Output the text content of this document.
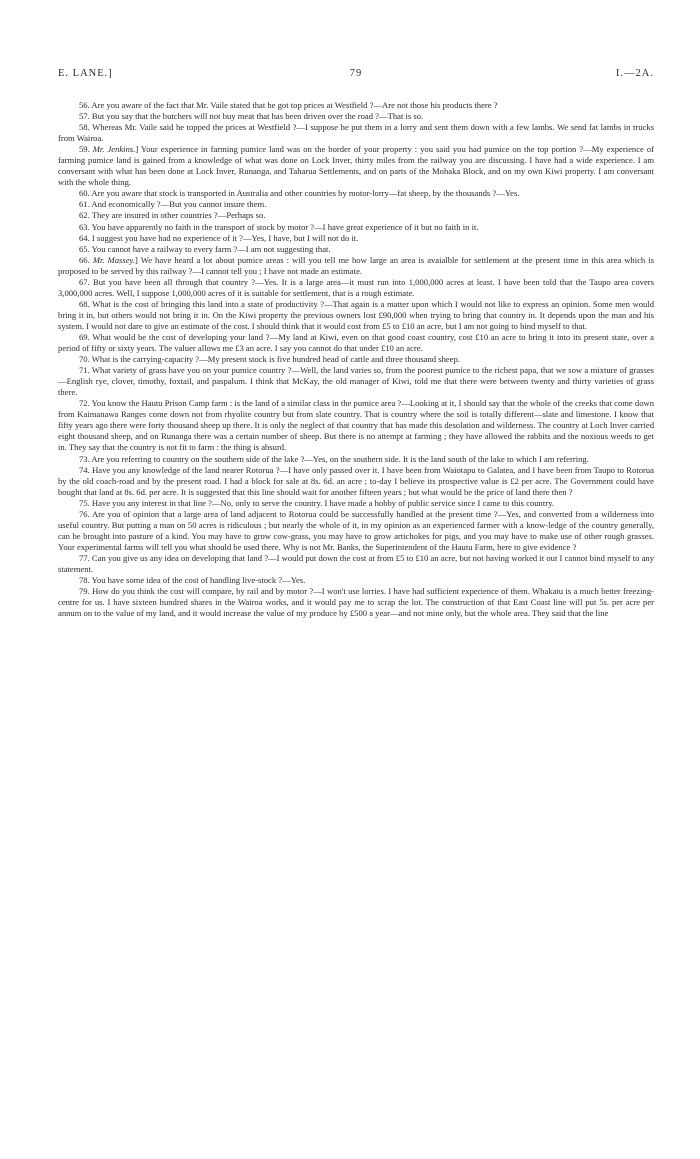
E. LANE.]	79	I.—2A.

56. Are you aware of the fact that Mr. Vaile stated that he got top prices at Westfield ?—Are not those his products there ?

57. But you say that the butchers will not buy meat that has been driven over the road ?—That is so.

58. Whereas Mr. Vaile said he topped the prices at Westfield ?—I suppose he put them in a lorry and sent them down with a few lambs. We send fat lambs in trucks from Wairoa.

59. Mr. Jenkins.] Your experience in farming pumice land was on the border of your property : you said you had pumice on the top portion ?—My experience of farming pumice land is gained from a knowledge of what was done on Lock Inver, thirty miles from the railway you are discussing. I have had a wide experience. I am conversant with what has been done at Lock Inver, Runanga, and Taharua Settlements, and on parts of the Mohaka Block, and on my own Kiwi property. I am conversant with the whole thing.

60. Are you aware that stock is transported in Australia and other countries by motor-lorry—fat sheep, by the thousands ?—Yes.

61. And economically ?—But you cannot insure them.

62. They are insured in other countries ?—Perhaps so.

63. You have apparently no faith in the transport of stock by motor ?—I have great experience of it but no faith in it.

64. I suggest you have had no experience of it ?—Yes, I have, but I will not do it.

65. You cannot have a railway to every farm ?—I am not suggesting that.

66. Mr. Massey.] We have heard a lot about pumice areas : will you tell me how large an area is avaialble for settlement at the present time in this area which is proposed to be served by this railway ?—I cannot tell you ; I have not made an estimate.

67. But you have been all through that country ?—Yes. It is a large area—it must run into 1,000,000 acres at least. I have been told that the Taupo area covers 3,000,000 acres. Well, I suppose 1,000,000 acres of it is suitable for settlement, that is a rough estimate.

68. What is the cost of bringing this land into a state of productivity ?—That again is a matter upon which I would not like to express an opinion. Some men would bring it in, but others would not bring it in. On the Kiwi property the previous owners lost £90,000 when trying to bring that country in. It depends upon the man and his system. I would not dare to give an estimate of the cost. I should think that it would cost from £5 to £10 an acre, but I am not going to bind myself to that.

69. What would be the cost of developing your land ?—My land at Kiwi, even on that good coast country, cost £10 an acre to bring it into its present state, over a period of fifty or sixty years. The valuer allows me £3 an acre. I say you cannot do that under £10 an acre.

70. What is the carrying-capacity ?—My present stock is five hundred head of cattle and three thousand sheep.

71. What variety of grass have you on your pumice country ?—Well, the land varies so, from the poorest pumice to the richest papa, that we sow a mixture of grasses—English rye, clover, timothy, foxtail, and paspalum. I think that McKay, the old manager of Kiwi, told me that there were between twenty and thirty varieties of grass there.

72. You know the Hautu Prison Camp farm : is the land of a similar class in the pumice area ?—Looking at it, I should say that the whole of the creeks that come down from Kaimanawa Ranges come down not from rhyolite country but from slate country. That is country where the soil is totally different—slate and limestone. I know that fifty years ago there were forty thousand sheep up there. It is only the neglect of that country that has made this desolation and wilderness. The country at Loch Inver carried eight thousand sheep, and on Runanga there was a certain number of sheep. But there is no attempt at farming ; they have allowed the rabbits and the noxious weeds to get in. They say that the country is not fit to farm : the thing is absurd.

73. Are you referring to country on the southern side of the lake ?—Yes, on the southern side. It is the land south of the lake to which I am referring.

74. Have you any knowledge of the land nearer Rotorua ?—I have only passed over it. I have been from Waiotapu to Galatea, and I have been from Taupo to Rotorua by the old coach-road and by the present road. I had a block for sale at 8s. 6d. an acre ; to-day I believe its prospective value is £2 per acre. The Government could have bought that land at 8s. 6d. per acre. It is suggested that this line should wait for another fifteen years ; but what would be the price of land there then ?

75. Have you any interest in that line ?—No, only to serve the country. I have made a hobby of public service since I came to this country.

76. Are you of opinion that a large area of land adjacent to Rotorua could be successfully handled at the present time ?—Yes, and converted from a wilderness into useful country. But putting a man on 50 acres is ridiculous ; but nearly the whole of it, in my opinion as an experienced farmer with a know-ledge of the country generally, can be brought into pasture of a kind. You may have to grow cow-grass, you may have to grow artichokes for pigs, and you may have to make use of other rough grasses. Your experimental farms will tell you what should be used there. Why is not Mr. Banks, the Superintendent of the Hautu Farm, here to give evidence ?

77. Can you give us any idea on developing that land ?—I would put down the cost at from £5 to £10 an acre, but not having worked it out I cannot bind myself to any statement.

78. You have some idea of the cost of handling live-stock ?—Yes.

79. How do you think the cost will compare, by rail and by motor ?—I won't use lorries. I have had sufficient experience of them. Whakatu is a much better freezing-centre for us. I have sixteen hundred shares in the Wairoa works, and it would pay me to scrap the lot. The construction of that East Coast line will put 5s. per acre per annum on to the value of my land, and it would increase the value of my produce by £500 a year—and not mine only, but the whole area. They said that the line
